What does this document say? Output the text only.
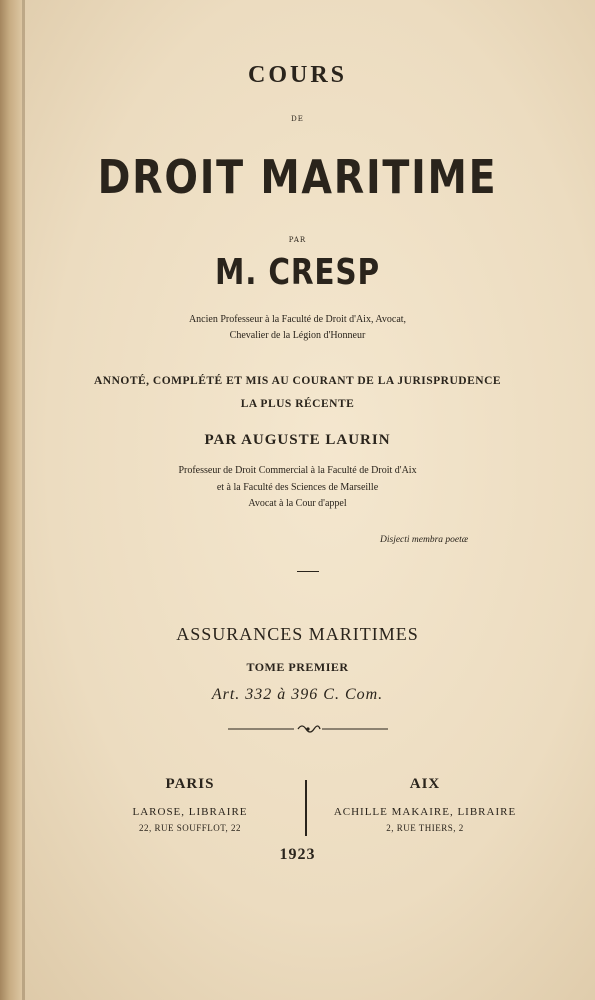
COURS
DE
DROIT MARITIME
PAR
M. CRESP
Ancien Professeur à la Faculté de Droit d'Aix, Avocat,
Chevalier de la Légion d'Honneur
ANNOTÉ, COMPLÉTÉ ET MIS AU COURANT DE LA JURISPRUDENCE
LA PLUS RÉCENTE
PAR AUGUSTE LAURIN
Professeur de Droit Commercial à la Faculté de Droit d'Aix
et à la Faculté des Sciences de Marseille
Avocat à la Cour d'appel
Disjecti membra poetæ
ASSURANCES MARITIMES
TOME PREMIER
Art. 332 à 396 C. Com.
PARIS
LAROSE, LIBRAIRE
22, RUE SOUFFLOT, 22
AIX
ACHILLE MAKAIRE, LIBRAIRE
2, RUE THIERS, 2
1923
